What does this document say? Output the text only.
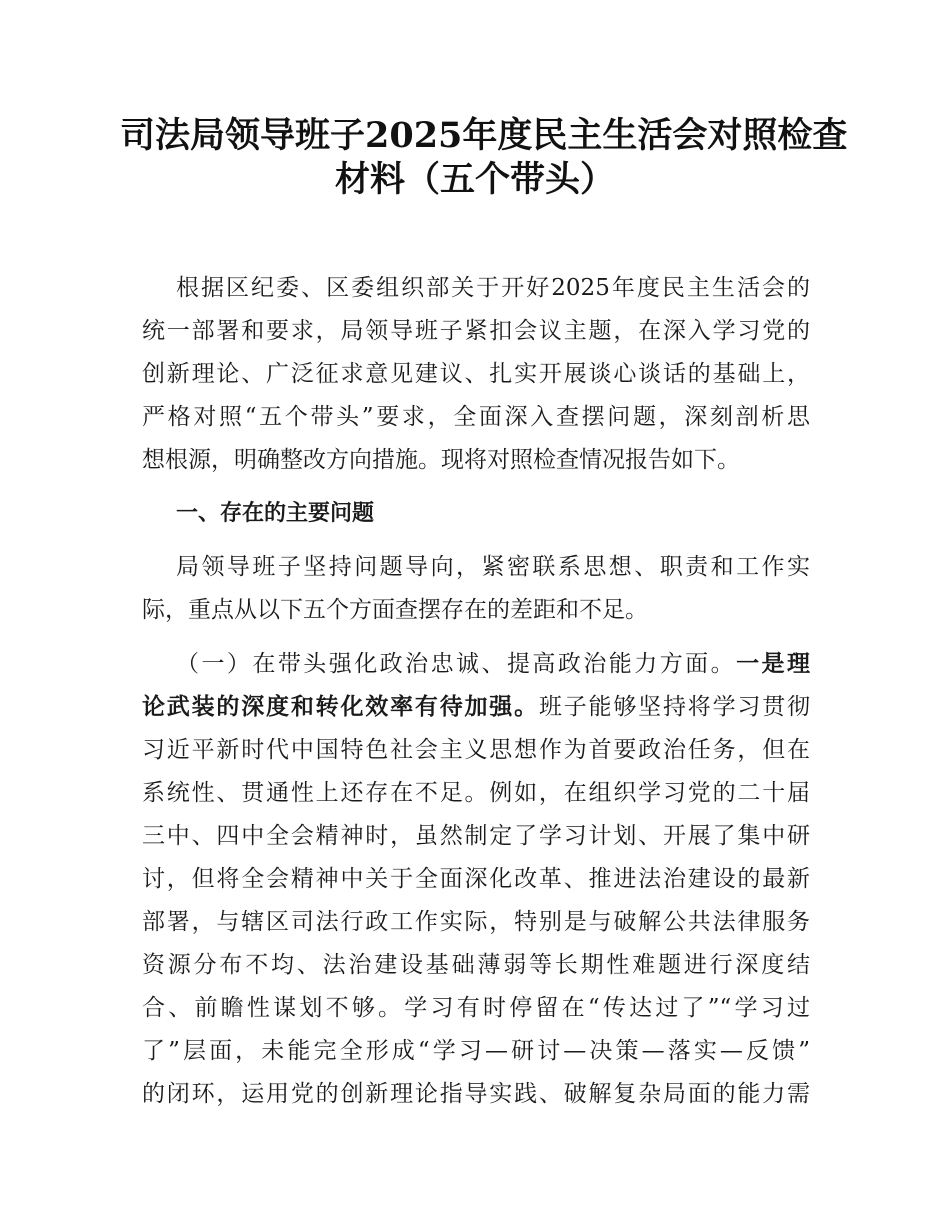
司法局领导班子2025年度民主生活会对照检查
材料（五个带头）

根据区纪委、区委组织部关于开好2025年度民主生活会的

统一部署和要求，局领导班子紧扣会议主题，在深入学习党的

创新理论、广泛征求意见建议、扎实开展谈心谈话的基础上，

严格对照“五个带头”要求，全面深入查摆问题，深刻剖析思

想根源，明确整改方向措施。现将对照检查情况报告如下。

一、存在的主要问题

局领导班子坚持问题导向，紧密联系思想、职责和工作实

际，重点从以下五个方面查摆存在的差距和不足。

（一）在带头强化政治忠诚、提高政治能力方面。一是理

论武装的深度和转化效率有待加强。班子能够坚持将学习贯彻

习近平新时代中国特色社会主义思想作为首要政治任务，但在

系统性、贯通性上还存在不足。例如，在组织学习党的二十届

三中、四中全会精神时，虽然制定了学习计划、开展了集中研

讨，但将全会精神中关于全面深化改革、推进法治建设的最新

部署，与辖区司法行政工作实际，特别是与破解公共法律服务

资源分布不均、法治建设基础薄弱等长期性难题进行深度结

合、前瞻性谋划不够。学习有时停留在“传达过了”“学习过

了”层面，未能完全形成“学习—研讨—决策—落实—反馈”

的闭环，运用党的创新理论指导实践、破解复杂局面的能力需
